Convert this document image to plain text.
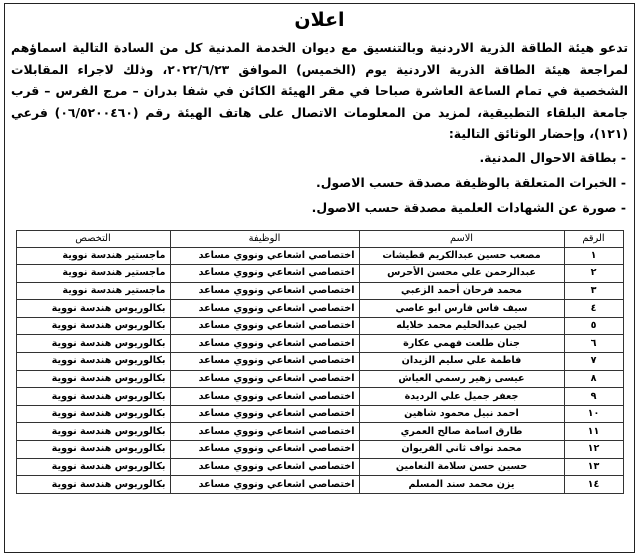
اعلان

تدعو هيئة الطاقة الذرية الاردنية وبالتنسيق مع ديوان الخدمة المدنية كل من السادة التالية اسماؤهم لمراجعة هيئة الطاقة الذرية الاردنية يوم (الخميس) الموافق ٢٠٢٢/٦/٢٣، وذلك لاجراء المقابلات الشخصية في تمام الساعة العاشرة صباحا في مقر الهيئة الكائن في شفا بدران – مرج الفرس – قرب جامعة البلقاء التطبيقية، لمزيد من المعلومات الاتصال على هاتف الهيئة رقم (٠٦/٥٢٠٠٤٦٠) فرعي (١٢١)، وإحضار الوثائق التالية:

- بطاقة الاحوال المدنية.
- الخبرات المتعلقة بالوظيفة مصدقة حسب الاصول.
- صورة عن الشهادات العلمية مصدقة حسب الاصول.
الرقم	الاسم	الوظيفة	التخصص
١	مصعب حسين عبدالكريم قطيشات	اختصاصي اشعاعي ونووي مساعد	ماجستير هندسة نووية
٢	عبدالرحمن علي محسن الأحرس	اختصاصي اشعاعي ونووي مساعد	ماجستير هندسة نووية
٣	محمد فرحان أحمد الزعبي	اختصاصي اشعاعي ونووي مساعد	ماجستير هندسة نووية
٤	سيف فاس فارس ابو عاصي	اختصاصي اشعاعي ونووي مساعد	بكالوريوس هندسة نووية
٥	لجين عبدالحليم محمد خلايله	اختصاصي اشعاعي ونووي مساعد	بكالوريوس هندسة نووية
٦	جنان طلعت فهمي عكارة	اختصاصي اشعاعي ونووي مساعد	بكالوريوس هندسة نووية
٧	فاطمة علي سليم الزيدان	اختصاصي اشعاعي ونووي مساعد	بكالوريوس هندسة نووية
٨	عيسى زهير رسمي العياش	اختصاصي اشعاعي ونووي مساعد	بكالوريوس هندسة نووية
٩	جعفر جميل علي الرديدة	اختصاصي اشعاعي ونووي مساعد	بكالوريوس هندسة نووية
١٠	احمد نبيل محمود شاهين	اختصاصي اشعاعي ونووي مساعد	بكالوريوس هندسة نووية
١١	طارق اسامة صالح العمري	اختصاصي اشعاعي ونووي مساعد	بكالوريوس هندسة نووية
١٢	محمد نواف ثاني الفريوان	اختصاصي اشعاعي ونووي مساعد	بكالوريوس هندسة نووية
١٣	حسين حسن سلامة النعامين	اختصاصي اشعاعي ونووي مساعد	بكالوريوس هندسة نووية
١٤	يزن محمد سند المسلم	اختصاصي اشعاعي ونووي مساعد	بكالوريوس هندسة نووية
